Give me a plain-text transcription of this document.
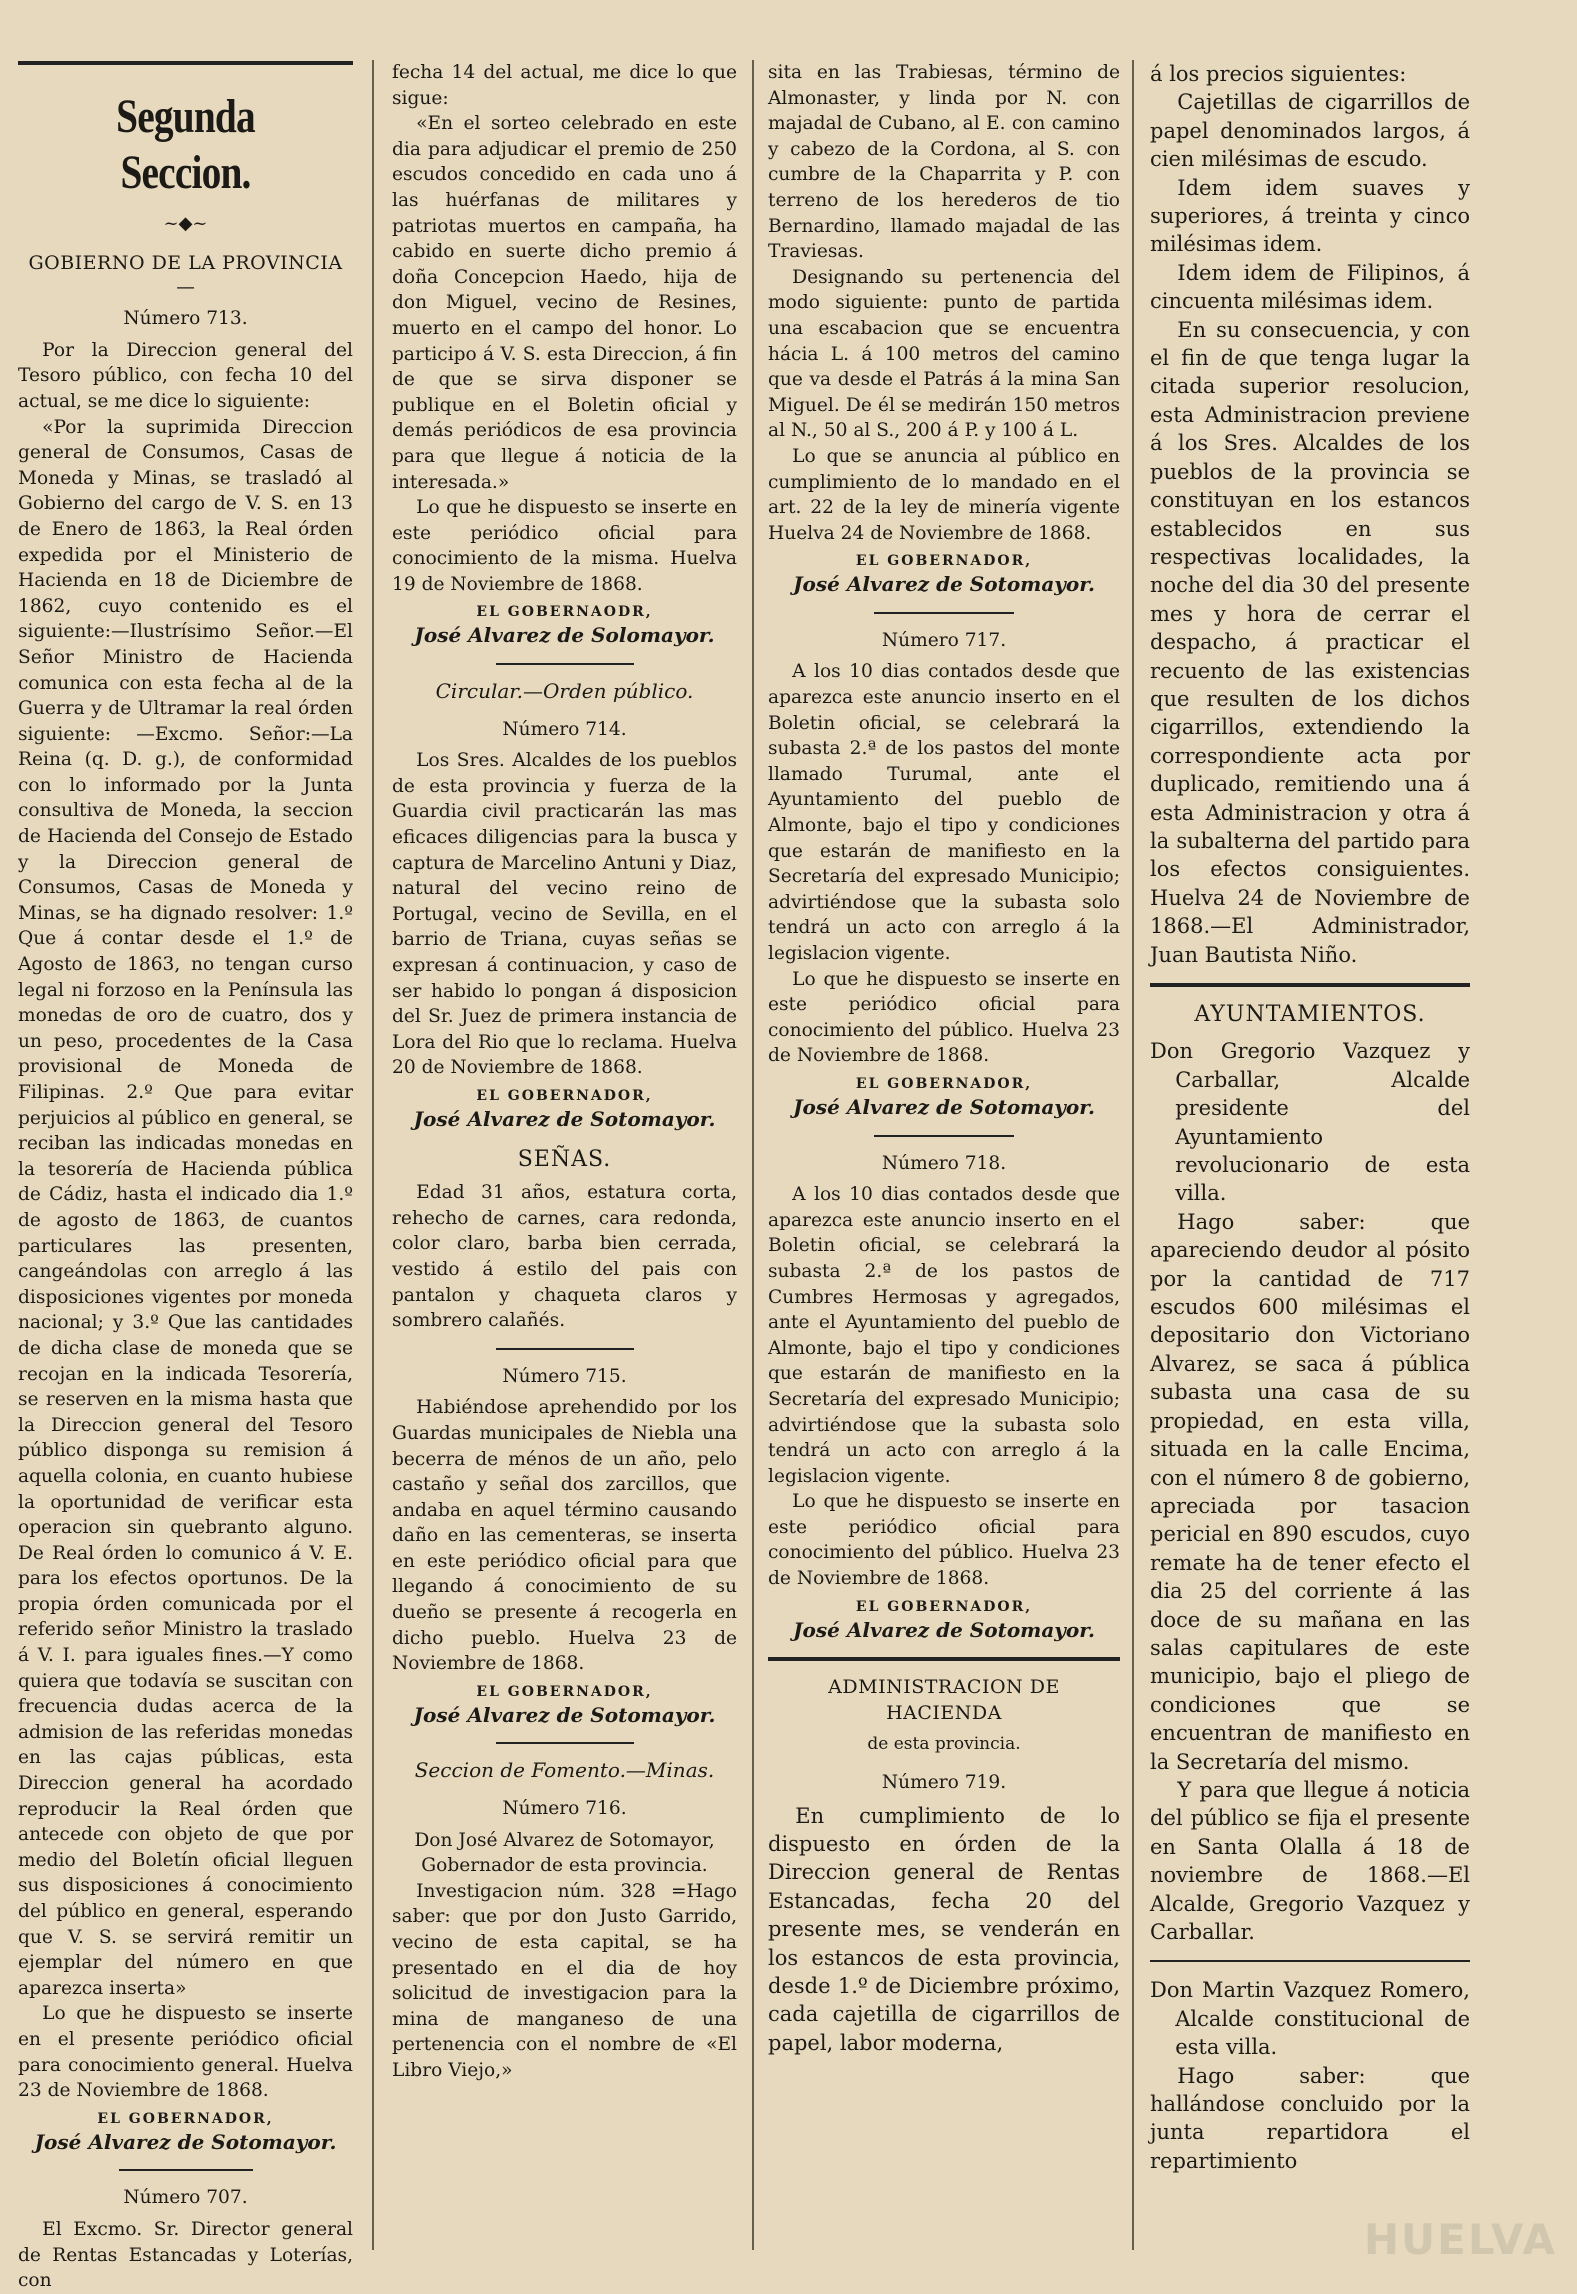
Segunda Seccion.
~◆~
GOBIERNO DE LA PROVINCIA
—
Número 713.

Por la Direccion general del Tesoro público, con fecha 10 del actual, se me dice lo siguiente:

«Por la suprimida Direccion general de Consumos, Casas de Moneda y Minas, se trasladó al Gobierno del cargo de V. S. en 13 de Enero de 1863, la Real órden expedida por el Ministerio de Hacienda en 18 de Diciembre de 1862, cuyo contenido es el siguiente:—Ilustrísimo Señor.—El Señor Ministro de Hacienda comunica con esta fecha al de la Guerra y de Ultramar la real órden siguiente: —Excmo. Señor:—La Reina (q. D. g.), de conformidad con lo informado por la Junta consultiva de Moneda, la seccion de Hacienda del Consejo de Estado y la Direccion general de Consumos, Casas de Moneda y Minas, se ha dignado resolver: 1.º Que á contar desde el 1.º de Agosto de 1863, no tengan curso legal ni forzoso en la Península las monedas de oro de cuatro, dos y un peso, procedentes de la Casa provisional de Moneda de Filipinas. 2.º Que para evitar perjuicios al público en general, se reciban las indicadas monedas en la tesorería de Hacienda pública de Cádiz, hasta el indicado dia 1.º de agosto de 1863, de cuantos particulares las presenten, cangeándolas con arreglo á las disposiciones vigentes por moneda nacional; y 3.º Que las cantidades de dicha clase de moneda que se recojan en la indicada Tesorería, se reserven en la misma hasta que la Direccion general del Tesoro público disponga su remision á aquella colonia, en cuanto hubiese la oportunidad de verificar esta operacion sin quebranto alguno. De Real órden lo comunico á V. E. para los efectos oportunos. De la propia órden comunicada por el referido señor Ministro la traslado á V. I. para iguales fines.—Y como quiera que todavía se suscitan con frecuencia dudas acerca de la admision de las referidas monedas en las cajas públicas, esta Direccion general ha acordado reproducir la Real órden que antecede con objeto de que por medio del Boletín oficial lleguen sus disposiciones á conocimiento del público en general, esperando que V. S. se servirá remitir un ejemplar del número en que aparezca inserta»

Lo que he dispuesto se inserte en el presente periódico oficial para conocimiento general. Huelva 23 de Noviembre de 1868.

EL GOBERNADOR,
José Alvarez de Sotomayor.
Número 707.

El Excmo. Sr. Director general de Rentas Estancadas y Loterías, con

fecha 14 del actual, me dice lo que sigue:

«En el sorteo celebrado en este dia para adjudicar el premio de 250 escudos concedido en cada uno á las huérfanas de militares y patriotas muertos en campaña, ha cabido en suerte dicho premio á doña Concepcion Haedo, hija de don Miguel, vecino de Resines, muerto en el campo del honor. Lo participo á V. S. esta Direccion, á fin de que se sirva disponer se publique en el Boletin oficial y demás periódicos de esa provincia para que llegue á noticia de la interesada.»

Lo que he dispuesto se inserte en este periódico oficial para conocimiento de la misma. Huelva 19 de Noviembre de 1868.

EL GOBERNAODR,
José Alvarez de Solomayor.
Circular.—Orden público.
Número 714.

Los Sres. Alcaldes de los pueblos de esta provincia y fuerza de la Guardia civil practicarán las mas eficaces diligencias para la busca y captura de Marcelino Antuni y Diaz, natural del vecino reino de Portugal, vecino de Sevilla, en el barrio de Triana, cuyas señas se expresan á continuacion, y caso de ser habido lo pongan á disposicion del Sr. Juez de primera instancia de Lora del Rio que lo reclama. Huelva 20 de Noviembre de 1868.

EL GOBERNADOR,
José Alvarez de Sotomayor.
SEÑAS.

Edad 31 años, estatura corta, rehecho de carnes, cara redonda, color claro, barba bien cerrada, vestido á estilo del pais con pantalon y chaqueta claros y sombrero calañés.

Número 715.

Habiéndose aprehendido por los Guardas municipales de Niebla una becerra de ménos de un año, pelo castaño y señal dos zarcillos, que andaba en aquel término causando daño en las cementeras, se inserta en este periódico oficial para que llegando á conocimiento de su dueño se presente á recogerla en dicho pueblo. Huelva 23 de Noviembre de 1868.

EL GOBERNADOR,
José Alvarez de Sotomayor.
Seccion de Fomento.—Minas.
Número 716.

Don José Alvarez de Sotomayor, Gobernador de esta provincia.

Investigacion núm. 328 =Hago saber: que por don Justo Garrido, vecino de esta capital, se ha presentado en el dia de hoy solicitud de investigacion para la mina de manganeso de una pertenencia con el nombre de «El Libro Viejo,»

sita en las Trabiesas, término de Almonaster, y linda por N. con majadal de Cubano, al E. con camino y cabezo de la Cordona, al S. con cumbre de la Chaparrita y P. con terreno de los herederos de tio Bernardino, llamado majadal de las Traviesas.

Designando su pertenencia del modo siguiente: punto de partida una escabacion que se encuentra hácia L. á 100 metros del camino que va desde el Patrás á la mina San Miguel. De él se medirán 150 metros al N., 50 al S., 200 á P. y 100 á L.

Lo que se anuncia al público en cumplimiento de lo mandado en el art. 22 de la ley de minería vigente Huelva 24 de Noviembre de 1868.

EL GOBERNADOR,
José Alvarez de Sotomayor.
Número 717.

A los 10 dias contados desde que aparezca este anuncio inserto en el Boletin oficial, se celebrará la subasta 2.ª de los pastos del monte llamado Turumal, ante el Ayuntamiento del pueblo de Almonte, bajo el tipo y condiciones que estarán de manifiesto en la Secretaría del expresado Municipio; advirtiéndose que la subasta solo tendrá un acto con arreglo á la legislacion vigente.

Lo que he dispuesto se inserte en este periódico oficial para conocimiento del público. Huelva 23 de Noviembre de 1868.

EL GOBERNADOR,
José Alvarez de Sotomayor.
Número 718.

A los 10 dias contados desde que aparezca este anuncio inserto en el Boletin oficial, se celebrará la subasta 2.ª de los pastos de Cumbres Hermosas y agregados, ante el Ayuntamiento del pueblo de Almonte, bajo el tipo y condiciones que estarán de manifiesto en la Secretaría del expresado Municipio; advirtiéndose que la subasta solo tendrá un acto con arreglo á la legislacion vigente.

Lo que he dispuesto se inserte en este periódico oficial para conocimiento del público. Huelva 23 de Noviembre de 1868.

EL GOBERNADOR,
José Alvarez de Sotomayor.
ADMINISTRACION DE HACIENDA
de esta provincia.
Número 719.

En cumplimiento de lo dispuesto en órden de la Direccion general de Rentas Estancadas, fecha 20 del presente mes, se venderán en los estancos de esta provincia, desde 1.º de Diciembre próximo, cada cajetilla de cigarrillos de papel, labor moderna,

á los precios siguientes:

Cajetillas de cigarrillos de papel denominados largos, á cien milésimas de escudo.

Idem idem suaves y superiores, á treinta y cinco milésimas idem.

Idem idem de Filipinos, á cincuenta milésimas idem.

En su consecuencia, y con el fin de que tenga lugar la citada superior resolucion, esta Administracion previene á los Sres. Alcaldes de los pueblos de la provincia se constituyan en los estancos establecidos en sus respectivas localidades, la noche del dia 30 del presente mes y hora de cerrar el despacho, á practicar el recuento de las existencias que resulten de los dichos cigarrillos, extendiendo la correspondiente acta por duplicado, remitiendo una á esta Administracion y otra á la subalterna del partido para los efectos consiguientes. Huelva 24 de Noviembre de 1868.—El Administrador, Juan Bautista Niño.

AYUNTAMIENTOS.

Don Gregorio Vazquez y Carballar, Alcalde presidente del Ayuntamiento revolucionario de esta villa.

Hago saber: que apareciendo deudor al pósito por la cantidad de 717 escudos 600 milésimas el depositario don Victoriano Alvarez, se saca á pública subasta una casa de su propiedad, en esta villa, situada en la calle Encima, con el número 8 de gobierno, apreciada por tasacion pericial en 890 escudos, cuyo remate ha de tener efecto el dia 25 del corriente á las doce de su mañana en las salas capitulares de este municipio, bajo el pliego de condiciones que se encuentran de manifiesto en la Secretaría del mismo.

Y para que llegue á noticia del público se fija el presente en Santa Olalla á 18 de noviembre de 1868.—El Alcalde, Gregorio Vazquez y Carballar.

Don Martin Vazquez Romero, Alcalde constitucional de esta villa.

Hago saber: que hallándose concluido por la junta repartidora el repartimiento

HUELVA
